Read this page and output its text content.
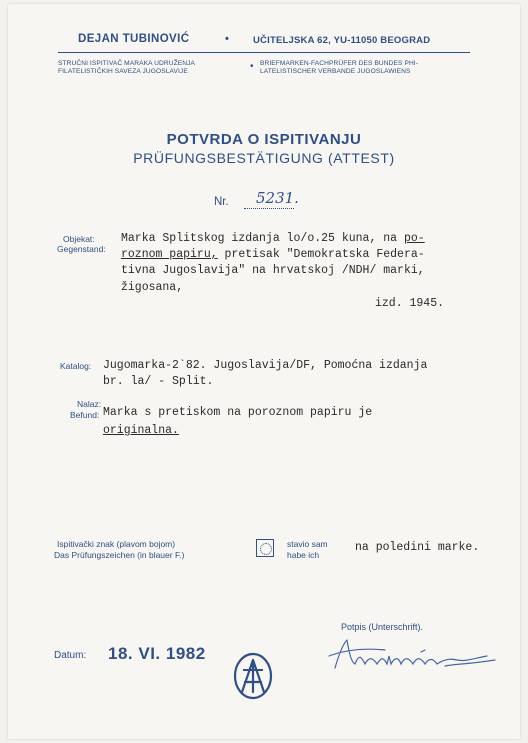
DEJAN TUBINOVIĆ	•	UČITELJSKA 62, YU-11050 BEOGRAD
STRUČNI ISPITIVAČ MARAKA UDRUŽENJA
FILATELISTIČKIH SAVEZA JUGOSLAVIJE	• BRIEFMARKEN-FACHPRÜFER DES BUNDES PHI-
LATELISTISCHER VERBANDE JUGOSLAWIENS
POTVRDA O ISPITIVANJU
PRÜFUNGSBESTÄTIGUNG (ATTEST)
Nr. 5231.
Objekat:
Gegenstand:
Marka Splitskog izdanja lo/o.25 kuna, na po-
roznom papiru, pretisak "Demokratska Federa-
tivna Jugoslavija" na hrvatskoj /NDH/ marki,
žigosana,
izd. 1945.
Katalog: Jugomarka-2`82. Jugoslavija/DF, Pomoćna izdanja
br. la/ - Split.
Nalaz:
Befund: Marka s pretiskom na poroznom papiru je
originalna.
Ispitivački znak (plavom bojom)
Das Prüfungszeichen (in blauer F.)
stavio sam
habe ich
na poledini marke.
Potpis (Unterschrift).
Datum: 18. VI. 1982
